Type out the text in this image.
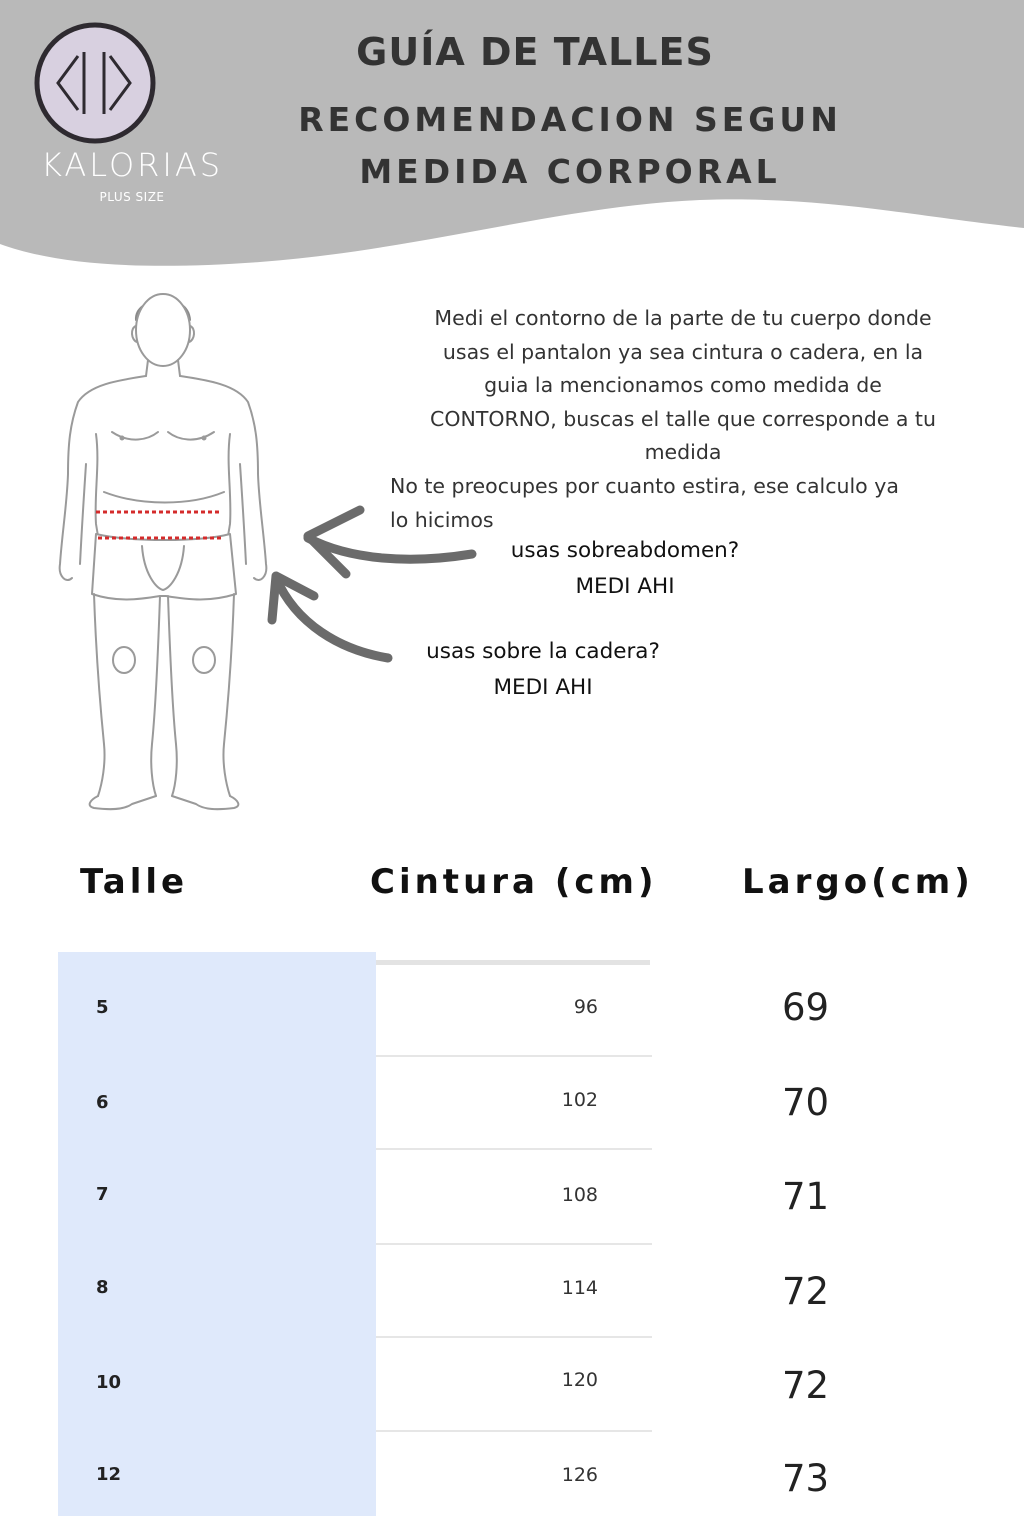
KALORIAS
PLUS SIZE
GUÍA DE TALLES
RECOMENDACION SEGUN
MEDIDA CORPORAL
Medi el contorno de la parte de tu cuerpo donde
usas el pantalon ya sea cintura o cadera, en la
guia la mencionamos como medida de
CONTORNO, buscas el talle que corresponde a tu
medida
No te preocupes por cuanto estira, ese calculo ya
lo hicimos
usas sobreabdomen?
MEDI AHI
usas sobre la cadera?
MEDI AHI
Talle	Cintura (cm) Largo(cm)
5	96	69
6	102	70
7	108	71
8	114	72
10	120	72
12	126	73
